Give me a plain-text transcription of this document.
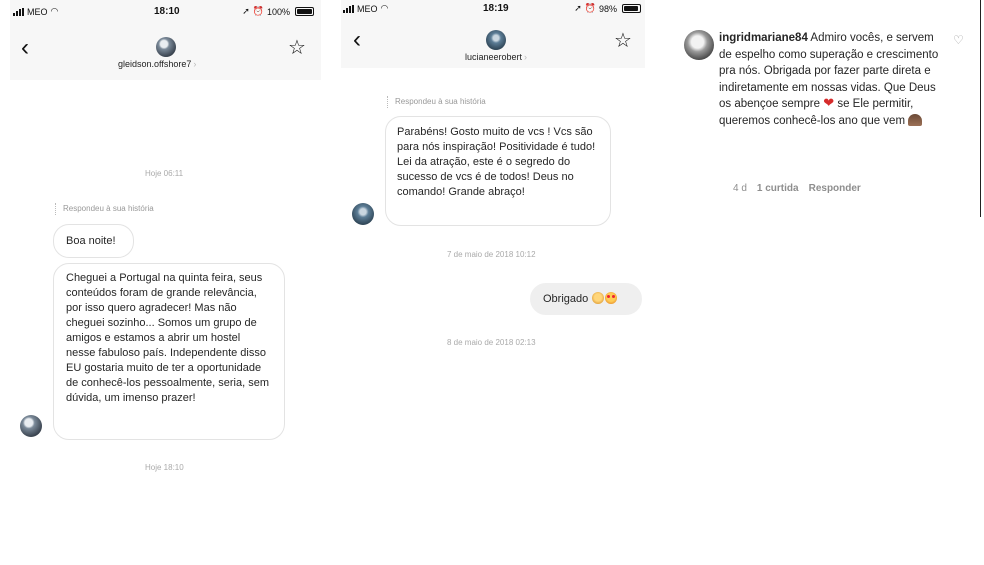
MEO ◠	18:10	➚ ⏰ 100%
‹
gleidson.offshore7 ›
☆
Hoje 06:11
Respondeu à sua história
Boa noite!
Cheguei a Portugal na quinta feira, seus conteúdos foram de grande relevância, por isso quero agradecer! Mas não cheguei sozinho... Somos um grupo de amigos e estamos a abrir um hostel nesse fabuloso país. Independente disso EU gostaria muito de ter a oportunidade de conhecê-los pessoalmente, seria, sem dúvida, um imenso prazer!
Hoje 18:10
MEO ◠	18:19	➚ ⏰ 98%
‹
lucianeerobert ›
☆
Respondeu à sua história
Parabéns! Gosto muito de vcs ! Vcs são para nós inspiração! Positividade é tudo! Lei da atração, este é o segredo do sucesso de vcs é de todos! Deus no comando! Grande abraço!
7 de maio de 2018 10:12
Obrigado
8 de maio de 2018 02:13
ingridmariane84 Admiro vocês, e servem de espelho como superação e crescimento pra nós. Obrigada por fazer parte direta e indiretamente em nossas vidas. Que Deus os abençoe sempre ❤ se Ele permitir, queremos conhecê-los ano que vem
♡
4 d 1 curtida Responder
